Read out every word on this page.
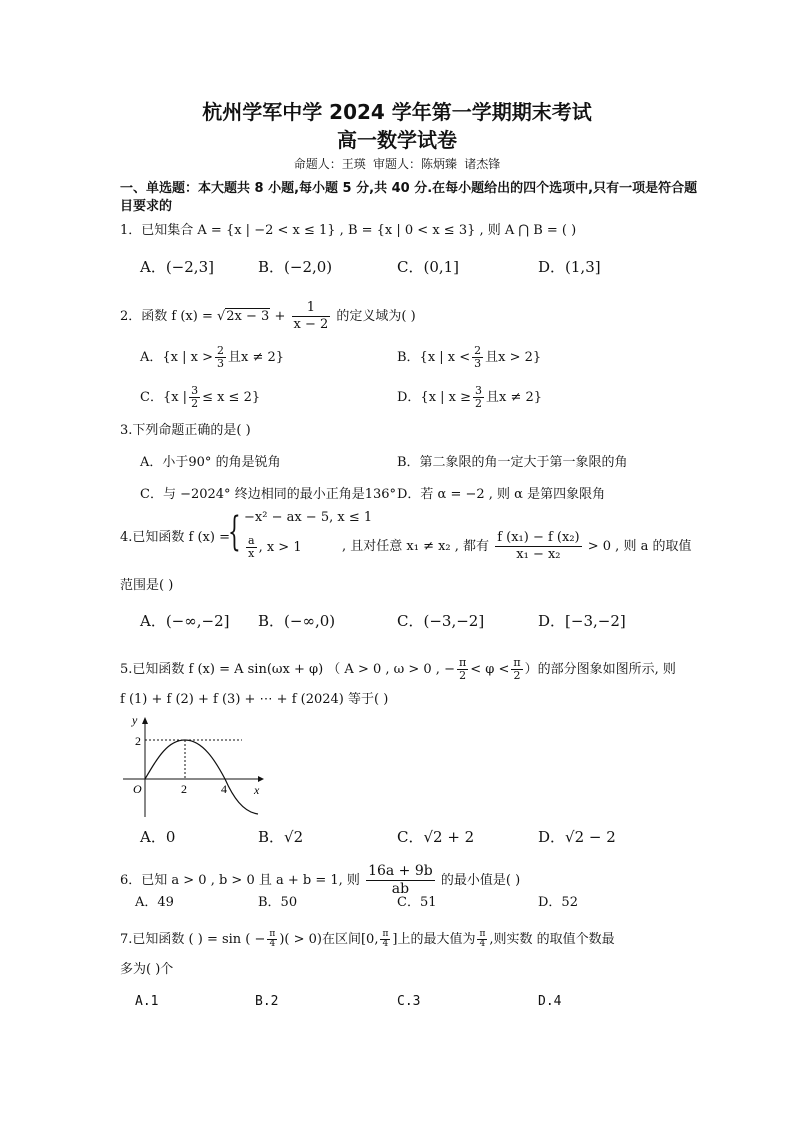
杭州学军中学 2024 学年第一学期期末考试
高一数学试卷
命题人：王瑛 审题人：陈炳臻 诸杰锋
一、单选题：本大题共 8 小题,每小题 5 分,共 40 分.在每小题给出的四个选项中,只有一项是符合题目要求的
1．已知集合 A = {x | −2 < x ≤ 1} , B = {x | 0 < x ≤ 3} , 则 A ⋂ B = ( )
A．(−2,3]	B．(−2,0)	C．(0,1]	D．(1,3]
2．函数 f $(x) = √2x - 3 + \frac{1}{x - 2}$ 的定义域为( )
A．{x | $x > \frac{2}{3}$ 且x ≠ 2}	B．{x | $x < \frac{2}{3}$ 且x > 2}
C．{x | $\frac{3}{2} \le x \le 2$}	D．{x | $x \ge \frac{3}{2}$ 且x ≠ 2}
3.下列命题正确的是( )
A．小于90° 的角是锐角	B．第二象限的角一定大于第一象限的角
C．与 −2024° 终边相同的最小正角是136° D．若 α = −2 , 则 α 是第四象限角
4.已知函数 f (x) =
{ −x² − ax − 5, x ≤ 1
$\frac{a}{x}$ , x > 1	, 且对任意 x₁ ≠ x₂ , 都有 $\frac{\text{f (x₁) − f (x₂)}}{\text{x₁ − x₂}} > 0$ , 则 a 的取值
范围是( )
A．(−∞,−2] B．(−∞,0)	C．(−3,−2]	D．[−3,−2]
5.已知函数 f (x) = A sin(ωx + φ) （ A > 0 , ω > 0 , − $\frac{\pi}{2} < \varphi < \frac{\pi}{2}$ ）的部分图象如图所示, 则
f (1) + f (2) + f (3) + ⋯ + f (2024) 等于( )
y
x
O
2
2	4
A．0	B．√2	C．√2 + 2	D．√2 − 2
6．已知 a > 0 , b > 0 且 a + b = 1, 则 $\frac{16a + 9b}{ab}$ 的最小值是( )
A．49	B．50	C．51	D．52
7.已知函数 ( ) = sin ( − $\frac{\pi}{4}$ )( > 0)在区间[0, $\frac{\pi}{4}$ ]上的最大值为 $\frac{\pi}{4}$ ,则实数 的取值个数最
多为( )个
A.1	B.2	C.3	D.4
